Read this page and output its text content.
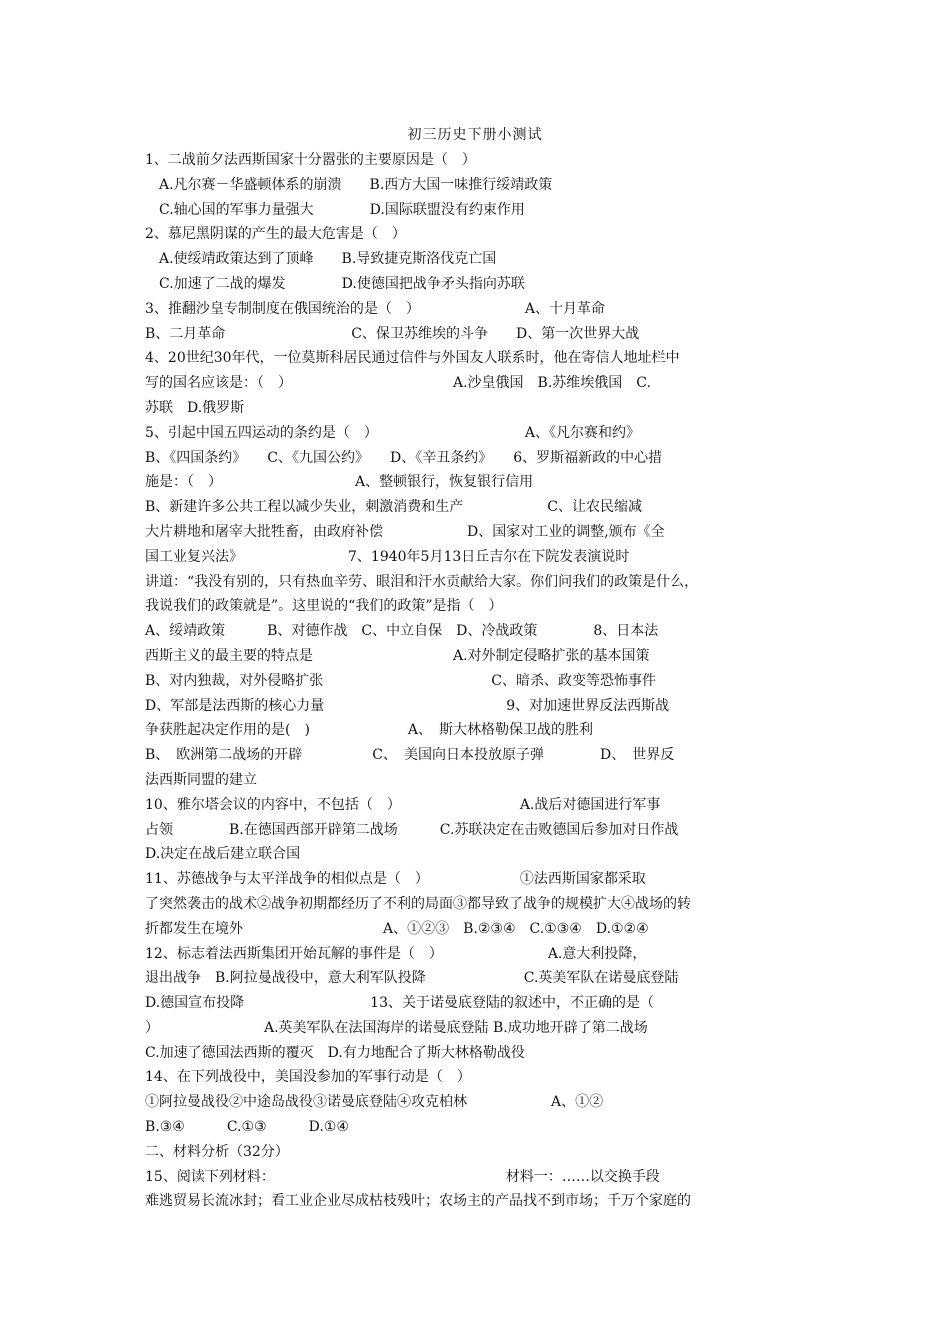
初三历史下册小测试
1、二战前夕法西斯国家十分嚣张的主要原因是（　）
A.凡尔赛－华盛顿体系的崩溃　　B.西方大国一味推行绥靖政策
C.轴心国的军事力量强大　　　　D.国际联盟没有约束作用
2、慕尼黑阴谋的产生的最大危害是（　）
A.使绥靖政策达到了顶峰　　B.导致捷克斯洛伐克亡国
C.加速了二战的爆发　　　　D.使德国把战争矛头指向苏联
3、推翻沙皇专制制度在俄国统治的是（　）　　　　　　　　A、十月革命
B、二月革命　　　　　　　　　C、保卫苏维埃的斗争　　D、第一次世界大战
4、20世纪30年代，一位莫斯科居民通过信件与外国友人联系时，他在寄信人地址栏中
写的国名应该是：（　）　　　　　　　　　　　　A.沙皇俄国　B.苏维埃俄国　C.
苏联　D.俄罗斯
5、引起中国五四运动的条约是（　）　　　　　　　　　　　A、《凡尔赛和约》
B、《四国条约》　　C、《九国公约》　　D、《辛丑条约》　　6、罗斯福新政的中心措
施是：（　）　　　　　　　　　　A、整顿银行，恢复银行信用
B、新建许多公共工程以减少失业，刺激消费和生产　　　　　　C、让农民缩减
大片耕地和屠宰大批牲畜，由政府补偿　　　　　　D、国家对工业的调整,颁布《全
国工业复兴法》　　　　　　　　7、1940年5月13日丘吉尔在下院发表演说时
讲道：“我没有别的，只有热血辛劳、眼泪和汗水贡献给大家。你们问我们的政策是什么，
我说我们的政策就是”。这里说的“我们的政策”是指（　）
A、绥靖政策　　　B、对德作战　C、中立自保　D、冷战政策　　　　8、日本法
西斯主义的最主要的特点是　　　　　　　　　　A.对外制定侵略扩张的基本国策
B、对内独裁，对外侵略扩张　　　　　　　　　　　　C、暗杀、政变等恐怖事件
D、军部是法西斯的核心力量　　　　　　　　　　　　　9、对加速世界反法西斯战
争获胜起决定作用的是(　)　　　　　　　A、　斯大林格勒保卫战的胜利
B、　欧洲第二战场的开辟　　　　　C、　美国向日本投放原子弹　　　　D、　世界反
法西斯同盟的建立
10、雅尔塔会议的内容中，不包括（　）　　　　　　　　　A.战后对德国进行军事
占领　　　　B.在德国西部开辟第二战场　　　C.苏联决定在击败德国后参加对日作战
D.决定在战后建立联合国
11、苏德战争与太平洋战争的相似点是（　）　　　　　　　①法西斯国家都采取
了突然袭击的战术②战争初期都经历了不利的局面③都导致了战争的规模扩大④战场的转
折都发生在境外　　　　　　　　　　A、①②③　B.②③④　C.①③④　D.①②④
12、标志着法西斯集团开始瓦解的事件是（　）　　　　　　　　A.意大利投降，
退出战争　B.阿拉曼战役中，意大利军队投降　　　　　　　C.英美军队在诺曼底登陆
D.德国宣布投降　　　　　　　　　13、关于诺曼底登陆的叙述中，不正确的是（
）　　　　　　　　A.英美军队在法国海岸的诺曼底登陆 B.成功地开辟了第二战场
C.加速了德国法西斯的覆灭　D.有力地配合了斯大林格勒战役
14、在下列战役中，美国没参加的军事行动是（　）
①阿拉曼战役②中途岛战役③诺曼底登陆④攻克柏林　　　　　　A、①②
B.③④　　　C.①③　　　D.①④
二、材料分析（32分）
15、阅读下列材料：　　　　　　　　　　　　　　　　　材料一：……以交换手段
难逃贸易长流冰封；看工业企业尽成枯枝残叶；农场主的产品找不到市场；千万个家庭的
